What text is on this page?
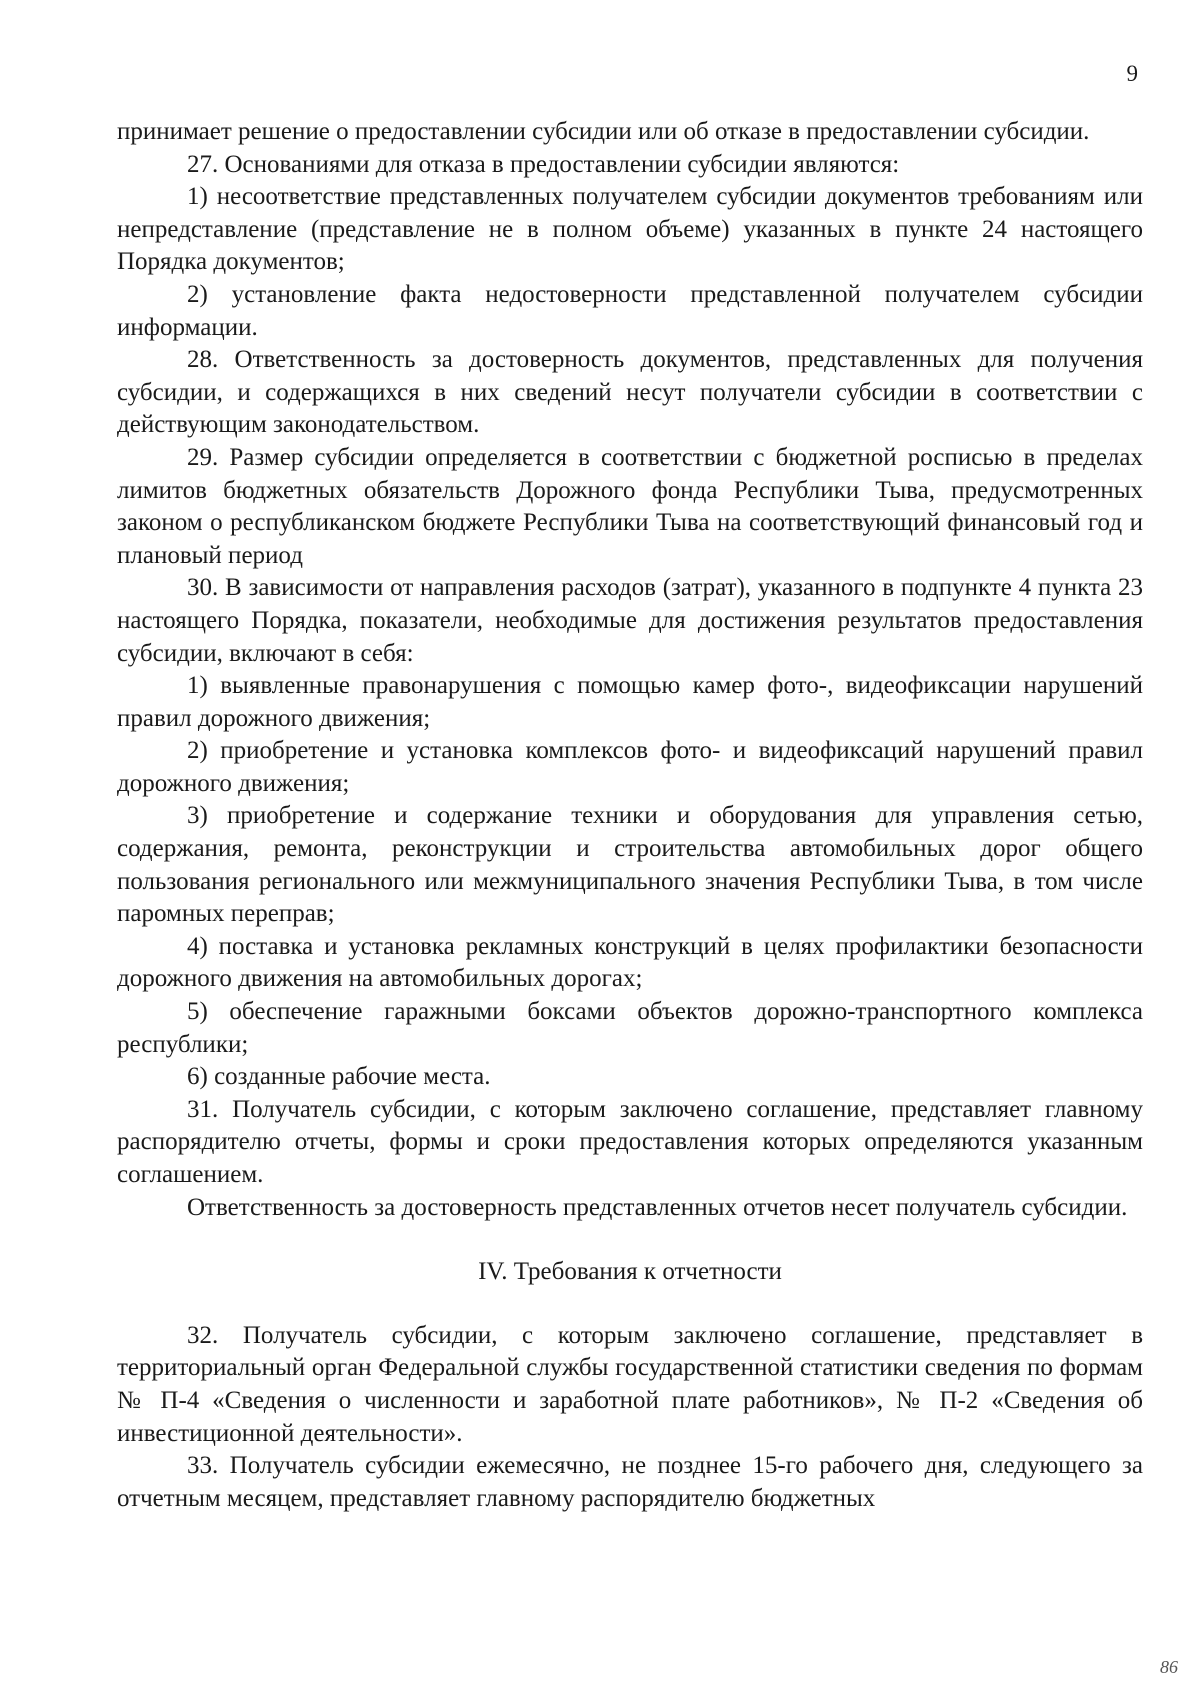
9

принимает решение о предоставлении субсидии или об отказе в предоставлении субсидии.

27. Основаниями для отказа в предоставлении субсидии являются:

1) несоответствие представленных получателем субсидии документов требованиям или непредставление (представление не в полном объеме) указанных в пункте 24 настоящего Порядка документов;

2) установление факта недостоверности представленной получателем субсидии информации.

28. Ответственность за достоверность документов, представленных для получения субсидии, и содержащихся в них сведений несут получатели субсидии в соответствии с действующим законодательством.

29. Размер субсидии определяется в соответствии с бюджетной росписью в пределах лимитов бюджетных обязательств Дорожного фонда Республики Тыва, предусмотренных законом о республиканском бюджете Республики Тыва на соответствующий финансовый год и плановый период

30. В зависимости от направления расходов (затрат), указанного в подпункте 4 пункта 23 настоящего Порядка, показатели, необходимые для достижения результатов предоставления субсидии, включают в себя:

1) выявленные правонарушения с помощью камер фото-, видеофиксации нарушений правил дорожного движения;

2) приобретение и установка комплексов фото- и видеофиксаций нарушений правил дорожного движения;

3) приобретение и содержание техники и оборудования для управления сетью, содержания, ремонта, реконструкции и строительства автомобильных дорог общего пользования регионального или межмуниципального значения Республики Тыва, в том числе паромных переправ;

4) поставка и установка рекламных конструкций в целях профилактики безопасности дорожного движения на автомобильных дорогах;

5) обеспечение гаражными боксами объектов дорожно-транспортного комплекса республики;

6) созданные рабочие места.

31. Получатель субсидии, с которым заключено соглашение, представляет главному распорядителю отчеты, формы и сроки предоставления которых определяются указанным соглашением.

Ответственность за достоверность представленных отчетов несет получатель субсидии.

IV. Требования к отчетности

32. Получатель субсидии, с которым заключено соглашение, представляет в территориальный орган Федеральной службы государственной статистики сведения по формам № П-4 «Сведения о численности и заработной плате работников», № П-2 «Сведения об инвестиционной деятельности».

33. Получатель субсидии ежемесячно, не позднее 15-го рабочего дня, следующего за отчетным месяцем, представляет главному распорядителю бюджетных

86
